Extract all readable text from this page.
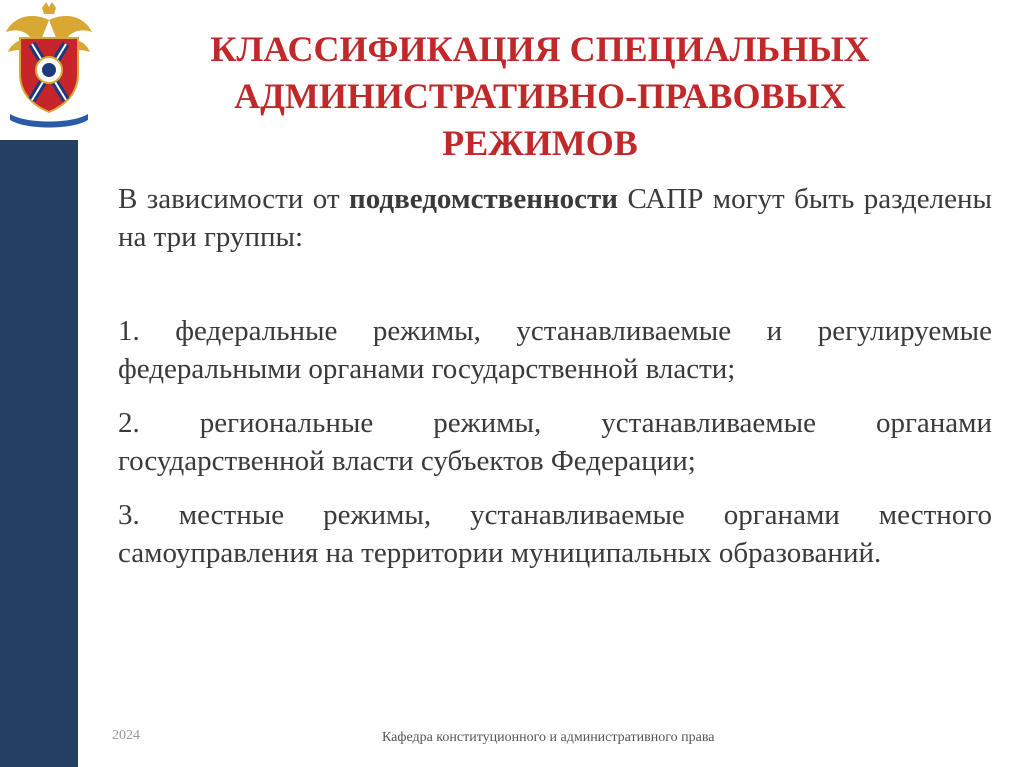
КЛАССИФИКАЦИЯ СПЕЦИАЛЬНЫХ
АДМИНИСТРАТИВНО-ПРАВОВЫХ
РЕЖИМОВ

В зависимости от подведомственности САПР могут быть разделены на три группы:

1. федеральные режимы, устанавливаемые и регулируемые федеральными органами государственной власти;

2. региональные режимы, устанавливаемые органами государственной власти субъектов Федерации;

3. местные режимы, устанавливаемые органами местного самоуправления на территории муниципальных образований.

2024	Кафедра конституционного и административного права
